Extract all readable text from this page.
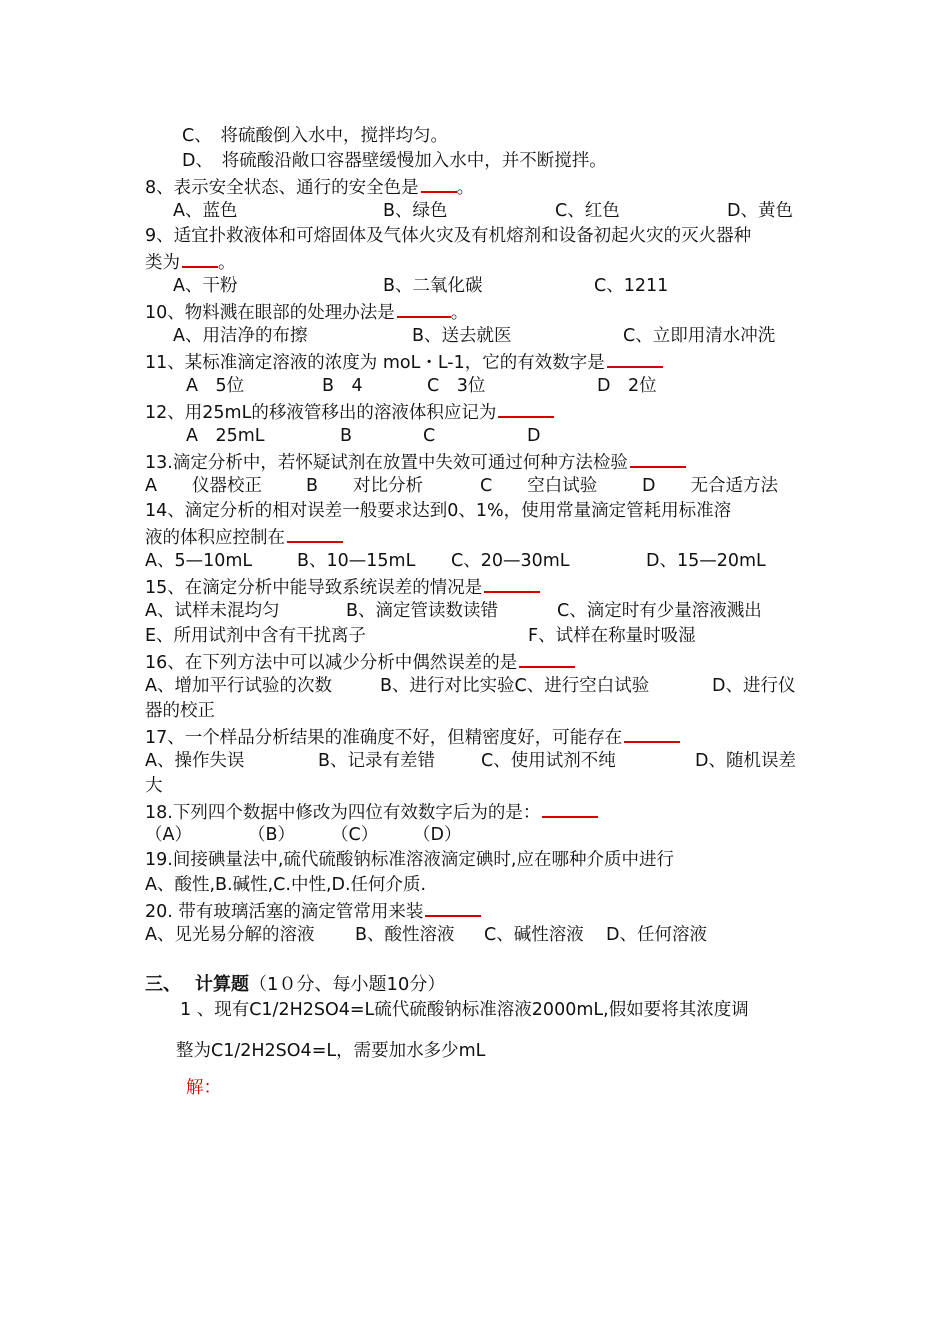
C、　将硫酸倒入水中，搅拌均匀。
D、　将硫酸沿敞口容器壁缓慢加入水中，并不断搅拌。
8、表示安全状态、通行的安全色是 。
A、蓝色	B、绿色	C、红色	D、黄色
9、适宜扑救液体和可熔固体及气体火灾及有机熔剂和设备初起火灾的灭火器种
类为 。
A、干粉	B、二氧化碳	C、1211
10、物料溅在眼部的处理办法是	。
A、用洁净的布擦	B、送去就医	C、立即用清水冲洗
11、某标准滴定溶液的浓度为 moL・L-1，它的有效数字是
A　5位	B　4	C　3位	D　2位
12、用25mL的移液管移出的溶液体积应记为
A　25mL	B	C	D
13.滴定分析中，若怀疑试剂在放置中失效可通过何种方法检验
A　　仪器校正	B　　对比分析	C　　空白试验	D　　无合适方法
14、滴定分析的相对误差一般要求达到0、1%，使用常量滴定管耗用标准溶
液的体积应控制在
A、5—10mL	B、10—15mL C、20—30mL	D、15—20mL
15、在滴定分析中能导致系统误差的情况是
A、试样未混均匀	B、滴定管读数读错	C、滴定时有少量溶液溅出
E、所用试剂中含有干扰离子	F、试样在称量时吸湿
16、在下列方法中可以减少分析中偶然误差的是
A、增加平行试验的次数	B、进行对比实验C、进行空白试验	D、进行仪
器的校正
17、一个样品分析结果的准确度不好，但精密度好，可能存在
A、操作失误	B、记录有差错	C、使用试剂不纯	D、随机误差
大
18.下列四个数据中修改为四位有效数字后为的是：
（A）	（B） （C） （D）
19.间接碘量法中,硫代硫酸钠标准溶液滴定碘时,应在哪种介质中进行
A、酸性,B.碱性,C.中性,D.任何介质.
20. 带有玻璃活塞的滴定管常用来装
A、见光易分解的溶液 B、酸性溶液 C、碱性溶液 D、任何溶液
三、 计算题（1０分、每小题10分）
1 、现有C1/2H2SO4=L硫代硫酸钠标准溶液2000mL,假如要将其浓度调
整为C1/2H2SO4=L，需要加水多少mL
解：
